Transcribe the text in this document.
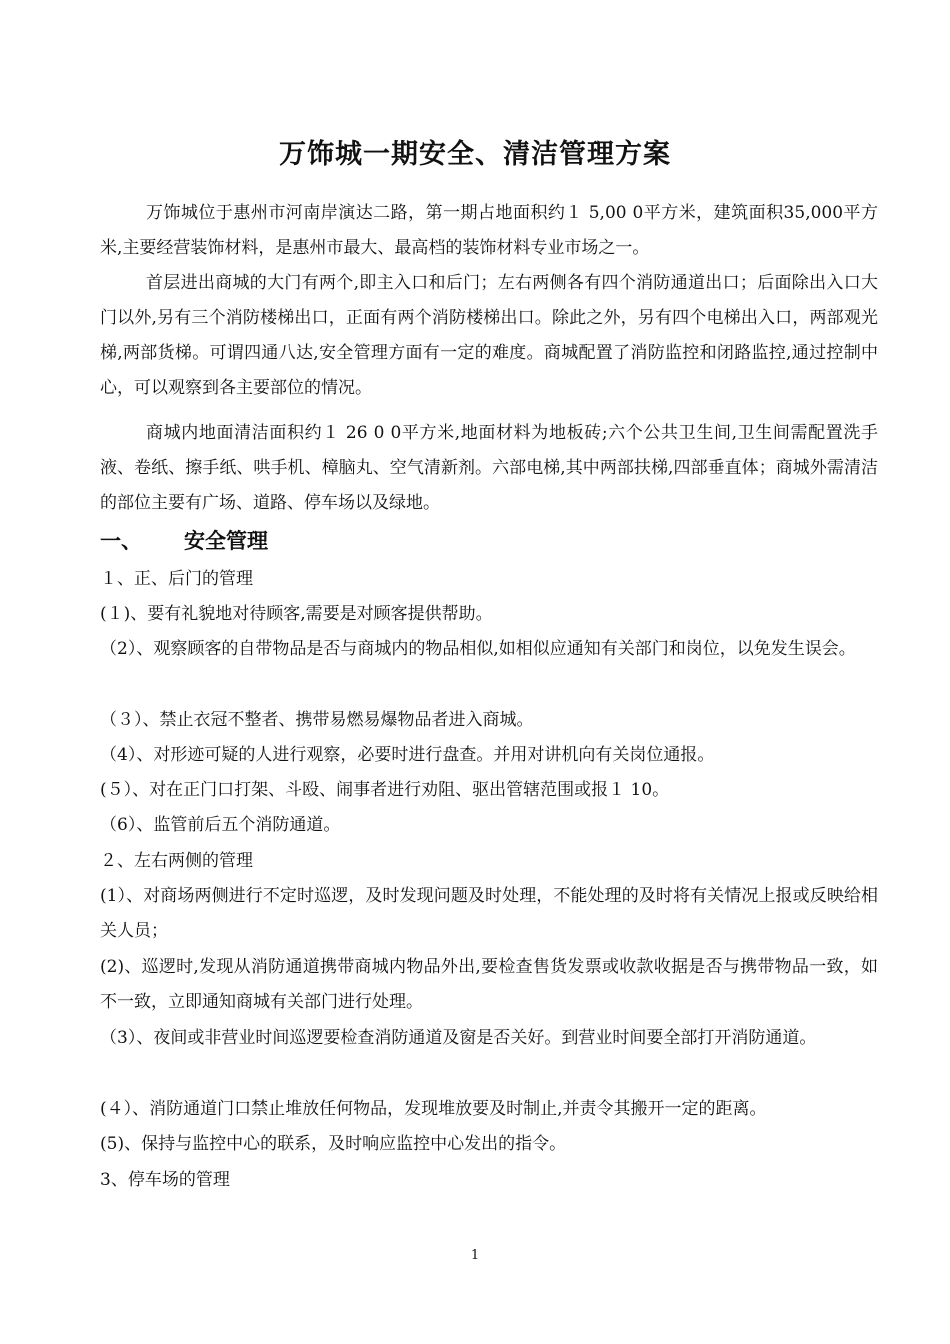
万饰城一期安全、清洁管理方案
万饰城位于惠州市河南岸演达二路，第一期占地面积约１ 5,00 0平方米，建筑面积35,000平方米,主要经营装饰材料，是惠州市最大、最高档的装饰材料专业市场之一。
首层进出商城的大门有两个,即主入口和后门；左右两侧各有四个消防通道出口；后面除出入口大门以外,另有三个消防楼梯出口，正面有两个消防楼梯出口。除此之外，另有四个电梯出入口，两部观光梯,两部货梯。可谓四通八达,安全管理方面有一定的难度。商城配置了消防监控和闭路监控,通过控制中心，可以观察到各主要部位的情况。
商城内地面清洁面积约１ 26 0 0平方米,地面材料为地板砖;六个公共卫生间,卫生间需配置洗手液、卷纸、擦手纸、哄手机、樟脑丸、空气清新剂。六部电梯,其中两部扶梯,四部垂直体；商城外需清洁的部位主要有广场、道路、停车场以及绿地。
一、 安全管理
１、正、后门的管理
(１)、要有礼貌地对待顾客,需要是对顾客提供帮助。
（2）、观察顾客的自带物品是否与商城内的物品相似,如相似应通知有关部门和岗位，以免发生误会。
（３）、禁止衣冠不整者、携带易燃易爆物品者进入商城。
（4）、对形迹可疑的人进行观察，必要时进行盘查。并用对讲机向有关岗位通报。
(５）、对在正门口打架、斗殴、闹事者进行劝阻、驱出管辖范围或报１ 10。
（6）、监管前后五个消防通道。
２、左右两侧的管理
(1）、对商场两侧进行不定时巡逻，及时发现问题及时处理，不能处理的及时将有关情况上报或反映给相关人员；
(2)、巡逻时,发现从消防通道携带商城内物品外出,要检查售货发票或收款收据是否与携带物品一致，如不一致，立即通知商城有关部门进行处理。
（3）、夜间或非营业时间巡逻要检查消防通道及窗是否关好。到营业时间要全部打开消防通道。
(４）、消防通道门口禁止堆放任何物品，发现堆放要及时制止,并责令其搬开一定的距离。
(5)、保持与监控中心的联系，及时响应监控中心发出的指令。
3、停车场的管理
1
